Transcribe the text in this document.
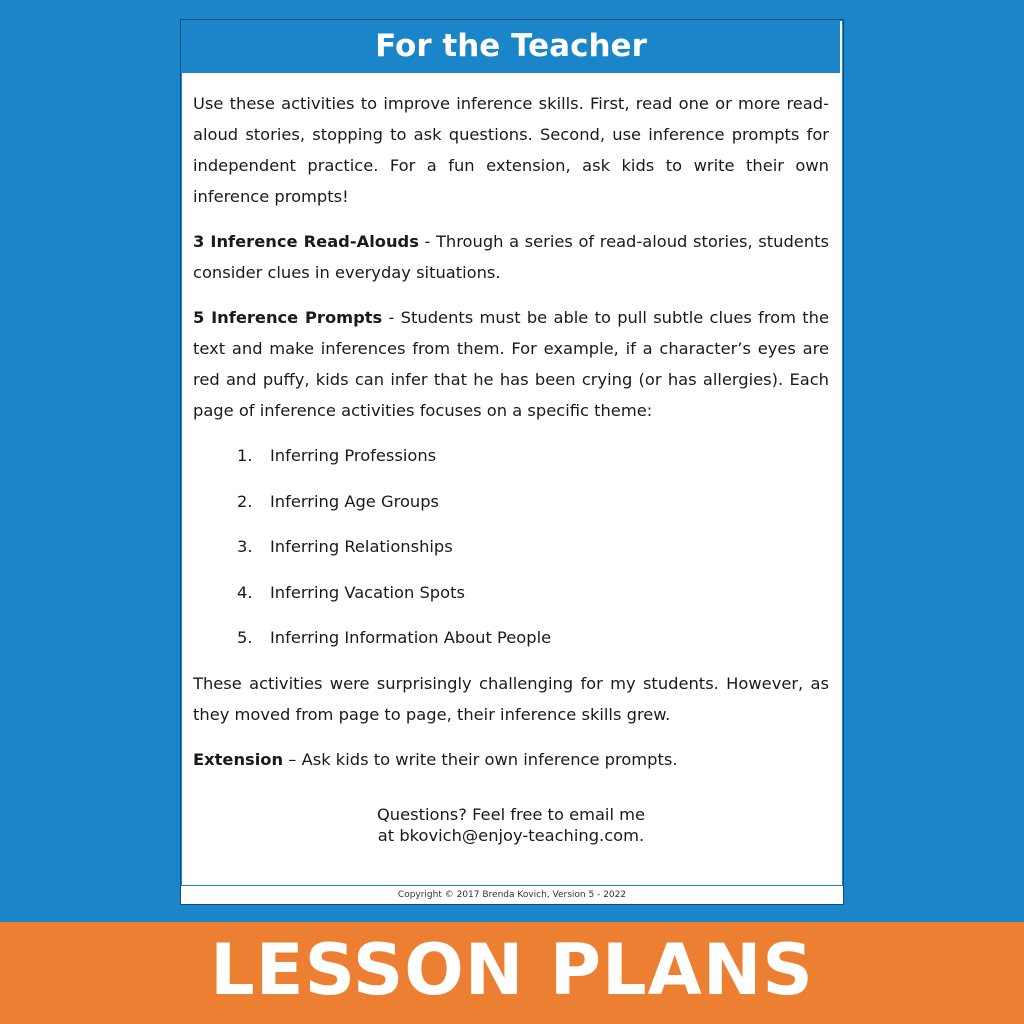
For the Teacher

Use these activities to improve inference skills. First, read one or more read-aloud stories, stopping to ask questions. Second, use inference prompts for independent practice. For a fun extension, ask kids to write their own inference prompts!

3 Inference Read-Alouds - Through a series of read-aloud stories, students consider clues in everyday situations.

5 Inference Prompts - Students must be able to pull subtle clues from the text and make inferences from them. For example, if a character’s eyes are red and puffy, kids can infer that he has been crying (or has allergies). Each page of inference activities focuses on a specific theme:

1. Inferring Professions
2. Inferring Age Groups
3. Inferring Relationships
4. Inferring Vacation Spots
5. Inferring Information About People

These activities were surprisingly challenging for my students. However, as they moved from page to page, their inference skills grew.

Extension – Ask kids to write their own inference prompts.

Questions? Feel free to email me
at bkovich@enjoy-teaching.com.
Copyright © 2017 Brenda Kovich, Version 5 - 2022
LESSON PLANS
